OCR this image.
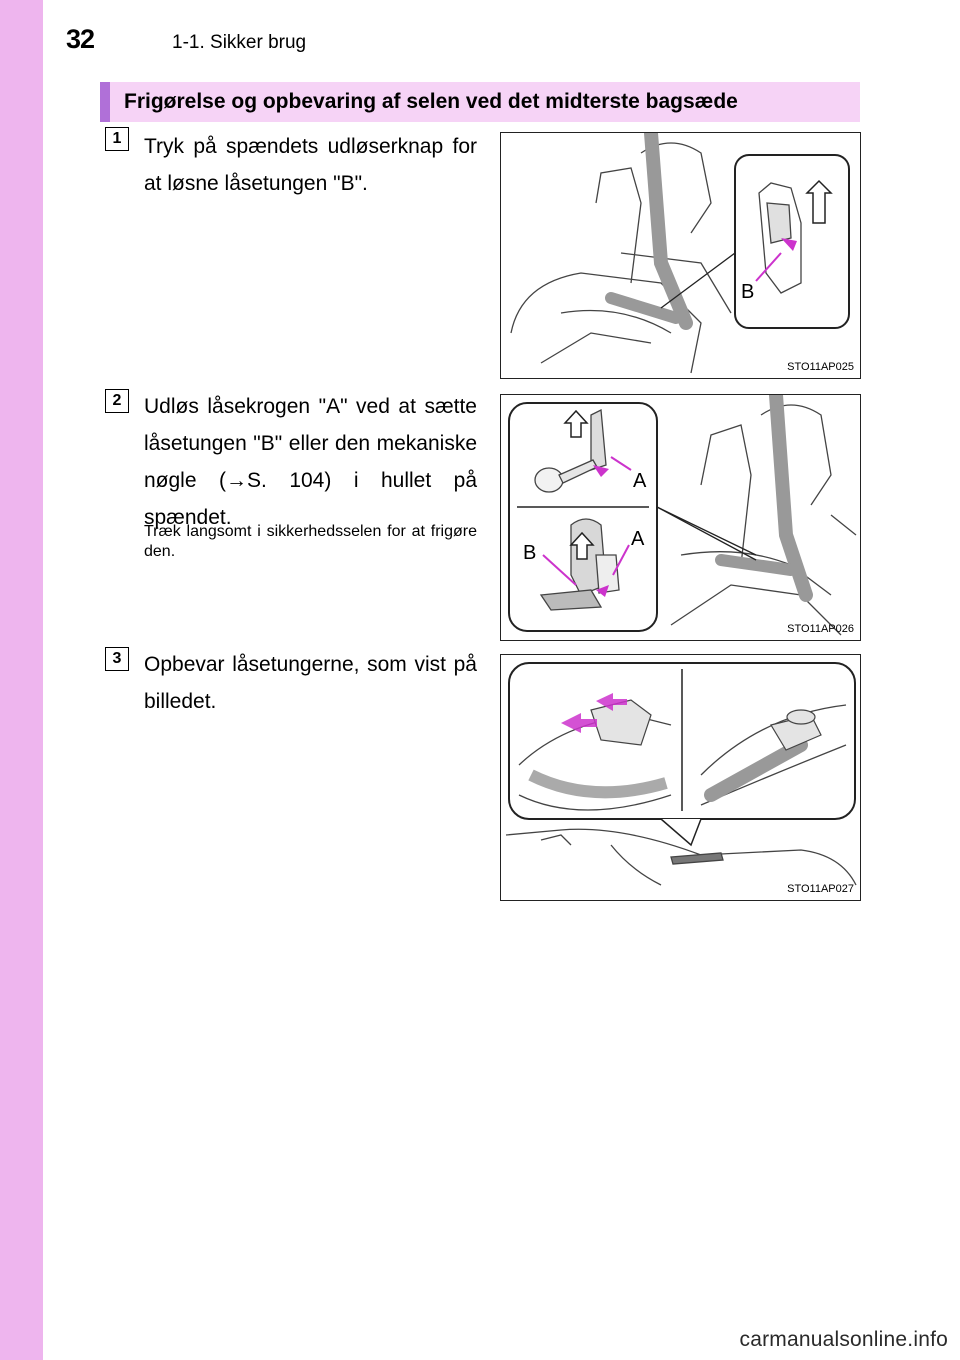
32	1-1. Sikker brug
Frigørelse og opbevaring af selen ved det midterste bagsæde
1	Tryk på spændets udløserknap for at løsne låsetungen "B".
B
STO11AP025
2	Udløs låsekrogen "A" ved at sætte låsetungen "B" eller den mekaniske nøgle (→S. 104) i hullet på spændet.
Træk langsomt i sikkerhedsselen for at frigøre den.
A
B
A
STO11AP026
3	Opbevar låsetungerne, som vist på billedet.
STO11AP027
carmanualsonline.info
